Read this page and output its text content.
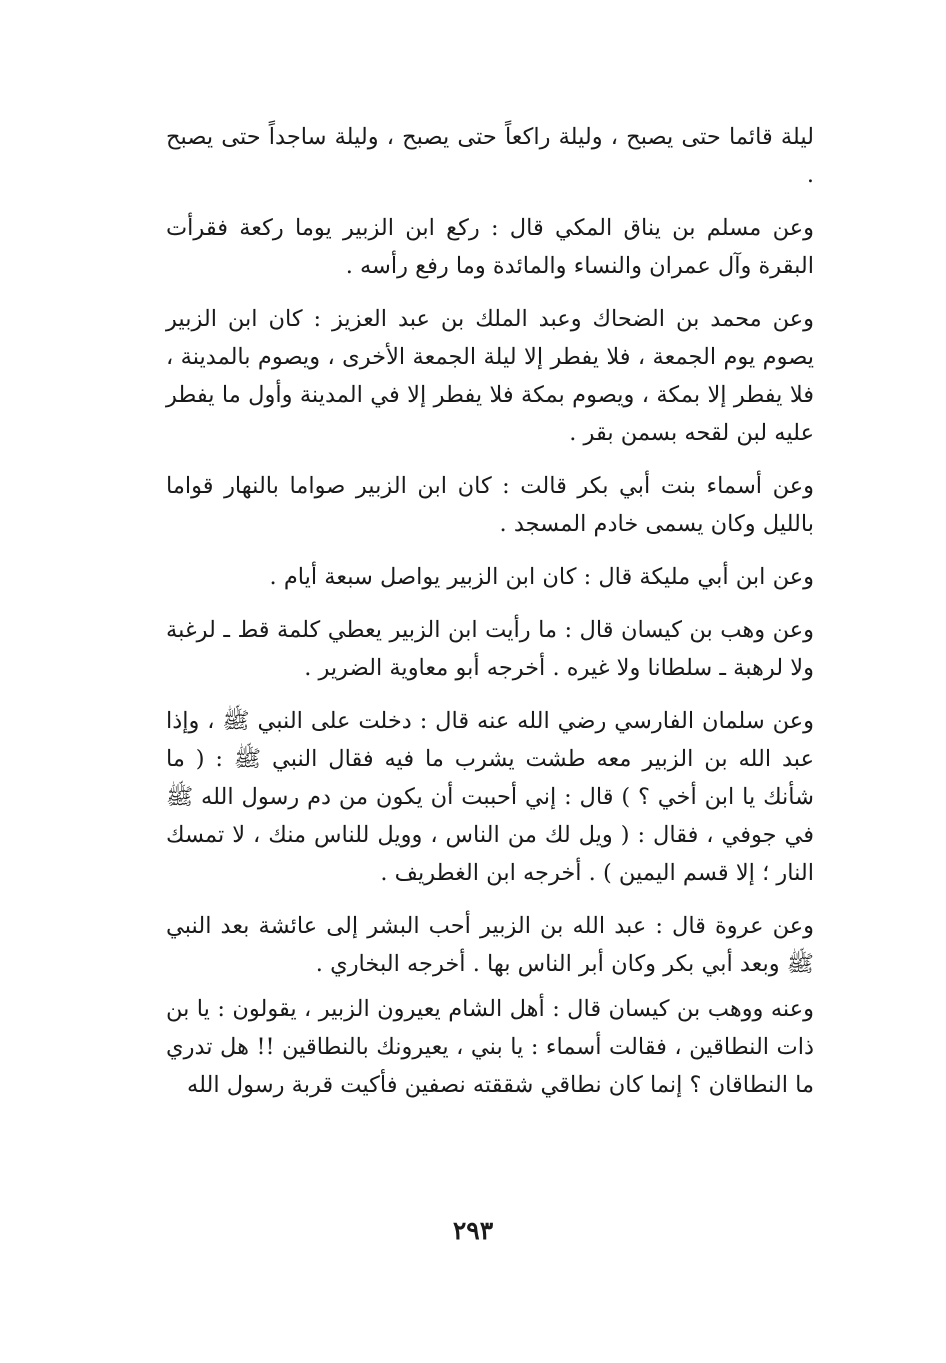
ليلة قائما حتى يصبح ، وليلة راكعاً حتى يصبح ، وليلة ساجداً حتى يصبح .

وعن مسلم بن يناق المكي قال : ركع ابن الزبير يوما ركعة فقرأت البقرة وآل عمران والنساء والمائدة وما رفع رأسه .

وعن محمد بن الضحاك وعبد الملك بن عبد العزيز : كان ابن الزبير يصوم يوم الجمعة ، فلا يفطر إلا ليلة الجمعة الأخرى ، ويصوم بالمدينة ، فلا يفطر إلا بمكة ، ويصوم بمكة فلا يفطر إلا في المدينة وأول ما يفطر عليه لبن لقحه بسمن بقر .

وعن أسماء بنت أبي بكر قالت : كان ابن الزبير صواما بالنهار قواما بالليل وكان يسمى خادم المسجد .

وعن ابن أبي مليكة قال : كان ابن الزبير يواصل سبعة أيام .

وعن وهب بن كيسان قال : ما رأيت ابن الزبير يعطي كلمة قط ـ لرغبة ولا لرهبة ـ سلطانا ولا غيره . أخرجه أبو معاوية الضرير .

وعن سلمان الفارسي رضي الله عنه قال : دخلت على النبي ﷺ ، وإذا عبد الله بن الزبير معه طشت يشرب ما فيه فقال النبي ﷺ : ( ما شأنك يا ابن أخي ؟ ) قال : إني أحببت أن يكون من دم رسول الله ﷺ في جوفي ، فقال : ( ويل لك من الناس ، وويل للناس منك ، لا تمسك النار ؛ إلا قسم اليمين ) . أخرجه ابن الغطريف .

وعن عروة قال : عبد الله بن الزبير أحب البشر إلى عائشة بعد النبي ﷺ وبعد أبي بكر وكان أبر الناس بها . أخرجه البخاري .

وعنه ووهب بن كيسان قال : أهل الشام يعيرون الزبير ، يقولون : يا بن ذات النطاقين ، فقالت أسماء : يا بني ، يعيرونك بالنطاقين !! هل تدري ما النطاقان ؟ إنما كان نطاقي شققته نصفين فأكيت قربة رسول الله

٢٩٣
